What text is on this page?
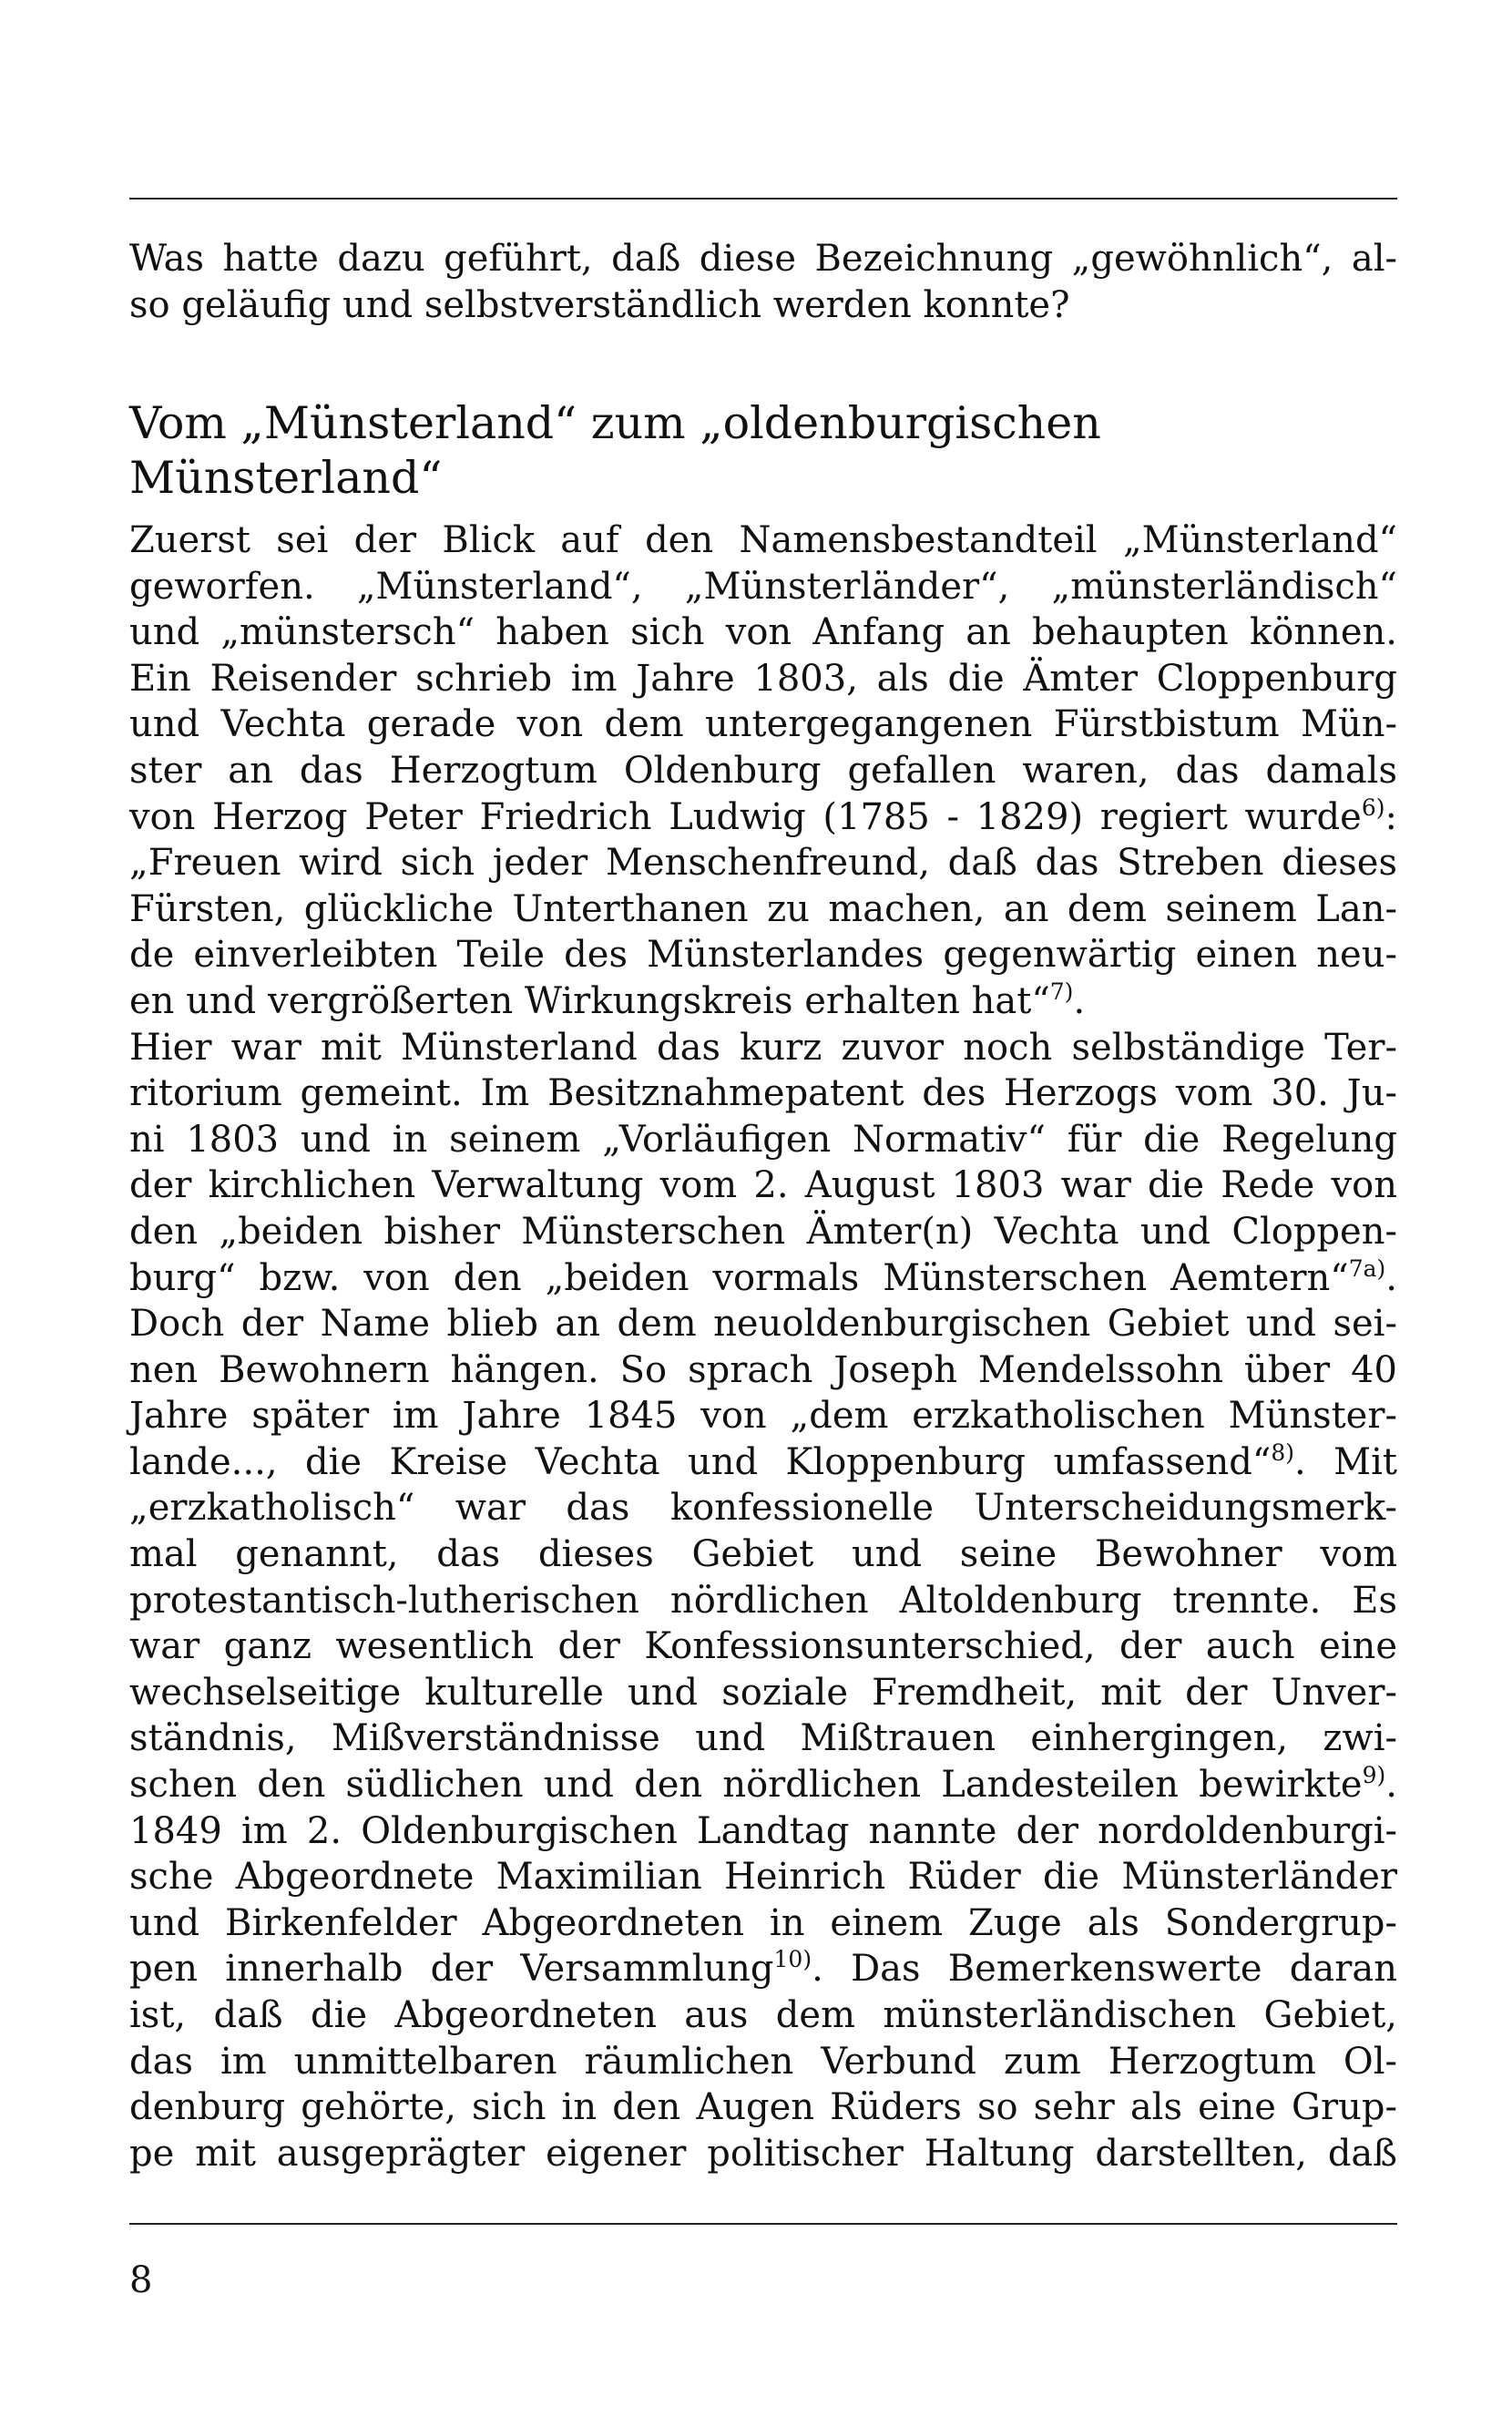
Was hatte dazu geführt, daß diese Bezeichnung „gewöhnlich“, al-
so geläufig und selbstverständlich werden konnte?

Vom „Münsterland“ zum „oldenburgischen
Münsterland“

Zuerst sei der Blick auf den Namensbestandteil „Münsterland“
geworfen. „Münsterland“, „Münsterländer“, „münsterländisch“
und „münstersch“ haben sich von Anfang an behaupten können.
Ein Reisender schrieb im Jahre 1803, als die Ämter Cloppenburg
und Vechta gerade von dem untergegangenen Fürstbistum Mün-
ster an das Herzogtum Oldenburg gefallen waren, das damals
von Herzog Peter Friedrich Ludwig (1785 - 1829) regiert wurde$^{6)}$:
„Freuen wird sich jeder Menschenfreund, daß das Streben dieses
Fürsten, glückliche Unterthanen zu machen, an dem seinem Lan-
de einverleibten Teile des Münsterlandes gegenwärtig einen neu-
en und vergrößerten Wirkungskreis erhalten hat“$^{7)}$.
Hier war mit Münsterland das kurz zuvor noch selbständige Ter-
ritorium gemeint. Im Besitznahmepatent des Herzogs vom 30. Ju-
ni 1803 und in seinem „Vorläufigen Normativ“ für die Regelung
der kirchlichen Verwaltung vom 2. August 1803 war die Rede von
den „beiden bisher Münsterschen Ämter(n) Vechta und Cloppen-
burg“ bzw. von den „beiden vormals Münsterschen Aemtern“$^{7a)}$.
Doch der Name blieb an dem neuoldenburgischen Gebiet und sei-
nen Bewohnern hängen. So sprach Joseph Mendelssohn über 40
Jahre später im Jahre 1845 von „dem erzkatholischen Münster-
lande..., die Kreise Vechta und Kloppenburg umfassend“$^{8)}$. Mit
„erzkatholisch“ war das konfessionelle Unterscheidungsmerk-
mal genannt, das dieses Gebiet und seine Bewohner vom
protestantisch-lutherischen nördlichen Altoldenburg trennte. Es
war ganz wesentlich der Konfessionsunterschied, der auch eine
wechselseitige kulturelle und soziale Fremdheit, mit der Unver-
ständnis, Mißverständnisse und Mißtrauen einhergingen, zwi-
schen den südlichen und den nördlichen Landesteilen bewirkte$^{9)}$.
1849 im 2. Oldenburgischen Landtag nannte der nordoldenburgi-
sche Abgeordnete Maximilian Heinrich Rüder die Münsterländer
und Birkenfelder Abgeordneten in einem Zuge als Sondergrup-
pen innerhalb der Versammlung$^{10)}$. Das Bemerkenswerte daran
ist, daß die Abgeordneten aus dem münsterländischen Gebiet,
das im unmittelbaren räumlichen Verbund zum Herzogtum Ol-
denburg gehörte, sich in den Augen Rüders so sehr als eine Grup-
pe mit ausgeprägter eigener politischer Haltung darstellten, daß

8
